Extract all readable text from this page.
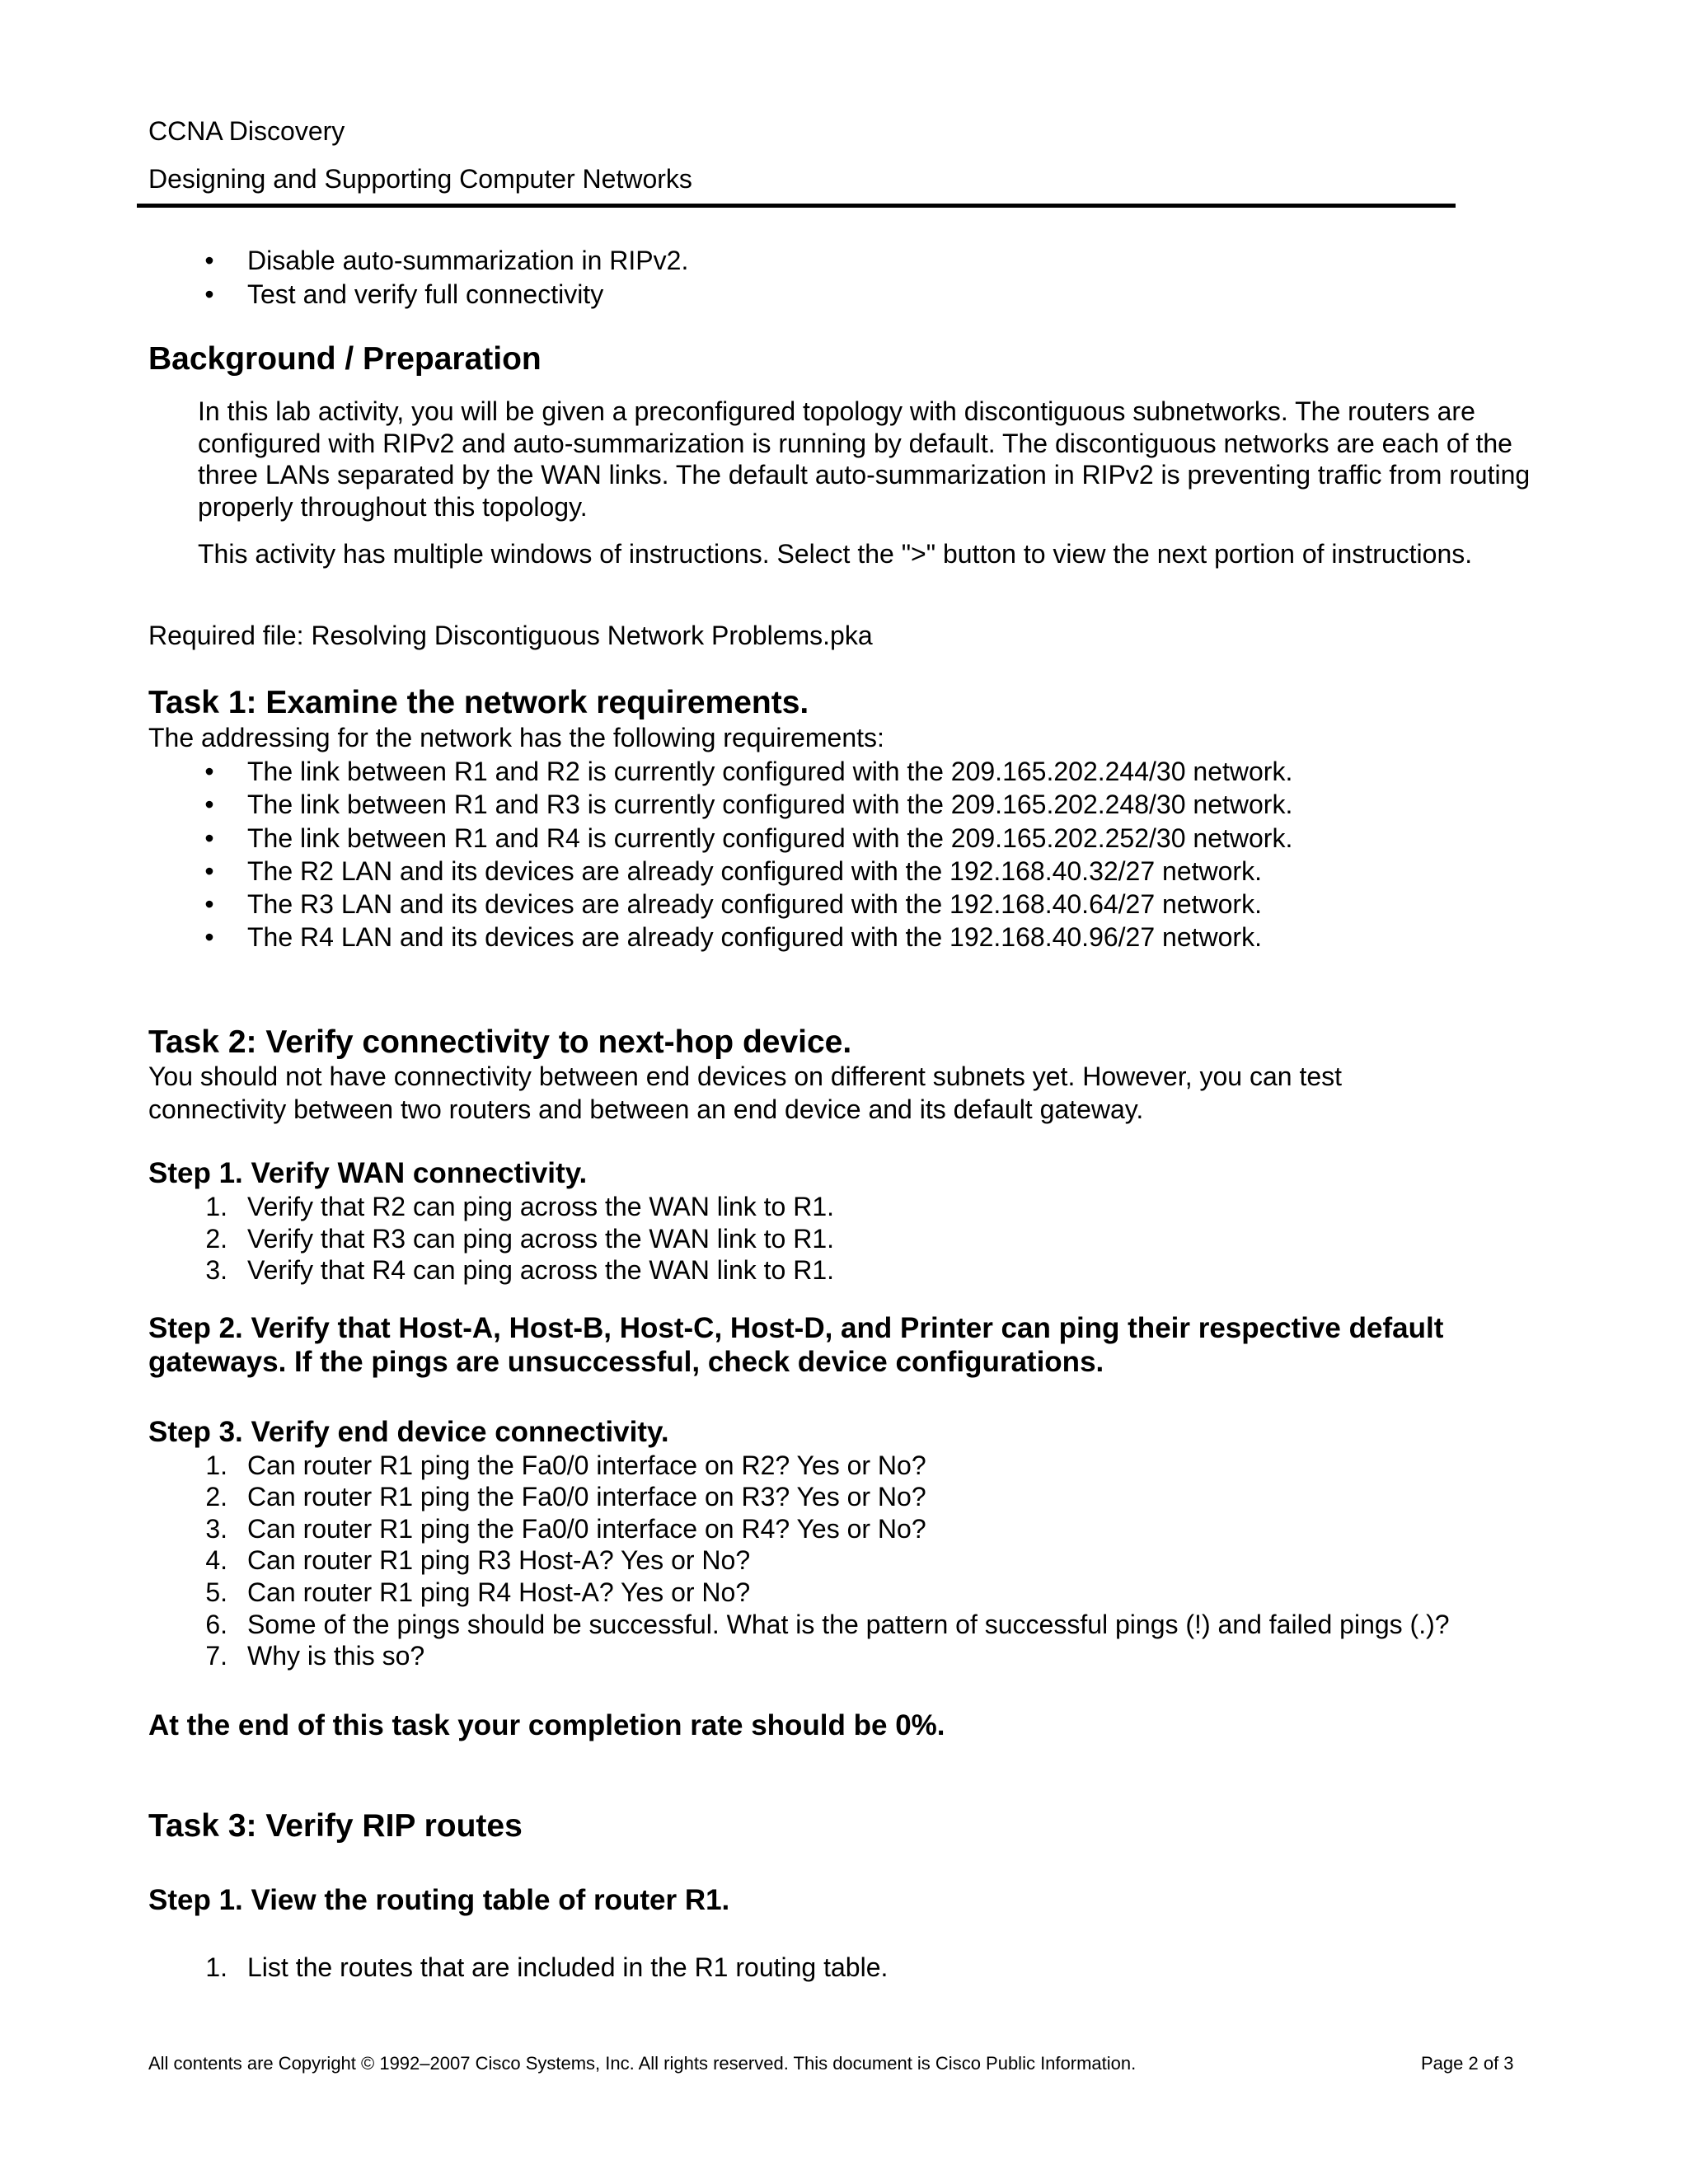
CCNA Discovery
Designing and Supporting Computer Networks
• Disable auto-summarization in RIPv2.
• Test and verify full connectivity
Background / Preparation
In this lab activity, you will be given a preconfigured topology with discontiguous subnetworks. The routers are configured with RIPv2 and auto-summarization is running by default. The discontiguous networks are each of the three LANs separated by the WAN links. The default auto-summarization in RIPv2 is preventing traffic from routing properly throughout this topology.
This activity has multiple windows of instructions. Select the ">" button to view the next portion of instructions.
Required file: Resolving Discontiguous Network Problems.pka
Task 1: Examine the network requirements.
The addressing for the network has the following requirements:
• The link between R1 and R2 is currently configured with the 209.165.202.244/30 network.
• The link between R1 and R3 is currently configured with the 209.165.202.248/30 network.
• The link between R1 and R4 is currently configured with the 209.165.202.252/30 network.
• The R2 LAN and its devices are already configured with the 192.168.40.32/27 network.
• The R3 LAN and its devices are already configured with the 192.168.40.64/27 network.
• The R4 LAN and its devices are already configured with the 192.168.40.96/27 network.
Task 2: Verify connectivity to next-hop device.
You should not have connectivity between end devices on different subnets yet. However, you can test
connectivity between two routers and between an end device and its default gateway.
Step 1. Verify WAN connectivity.
1. Verify that R2 can ping across the WAN link to R1.
2. Verify that R3 can ping across the WAN link to R1.
3. Verify that R4 can ping across the WAN link to R1.
Step 2. Verify that Host-A, Host-B, Host-C, Host-D, and Printer can ping their respective default
gateways. If the pings are unsuccessful, check device configurations.
Step 3. Verify end device connectivity.
1. Can router R1 ping the Fa0/0 interface on R2? Yes or No?
2. Can router R1 ping the Fa0/0 interface on R3? Yes or No?
3. Can router R1 ping the Fa0/0 interface on R4? Yes or No?
4. Can router R1 ping R3 Host-A? Yes or No?
5. Can router R1 ping R4 Host-A? Yes or No?
6. Some of the pings should be successful. What is the pattern of successful pings (!) and failed pings (.)?
7. Why is this so?
At the end of this task your completion rate should be 0%.
Task 3: Verify RIP routes
Step 1. View the routing table of router R1.
1. List the routes that are included in the R1 routing table.
All contents are Copyright © 1992–2007 Cisco Systems, Inc. All rights reserved. This document is Cisco Public Information.	Page 2 of 3
